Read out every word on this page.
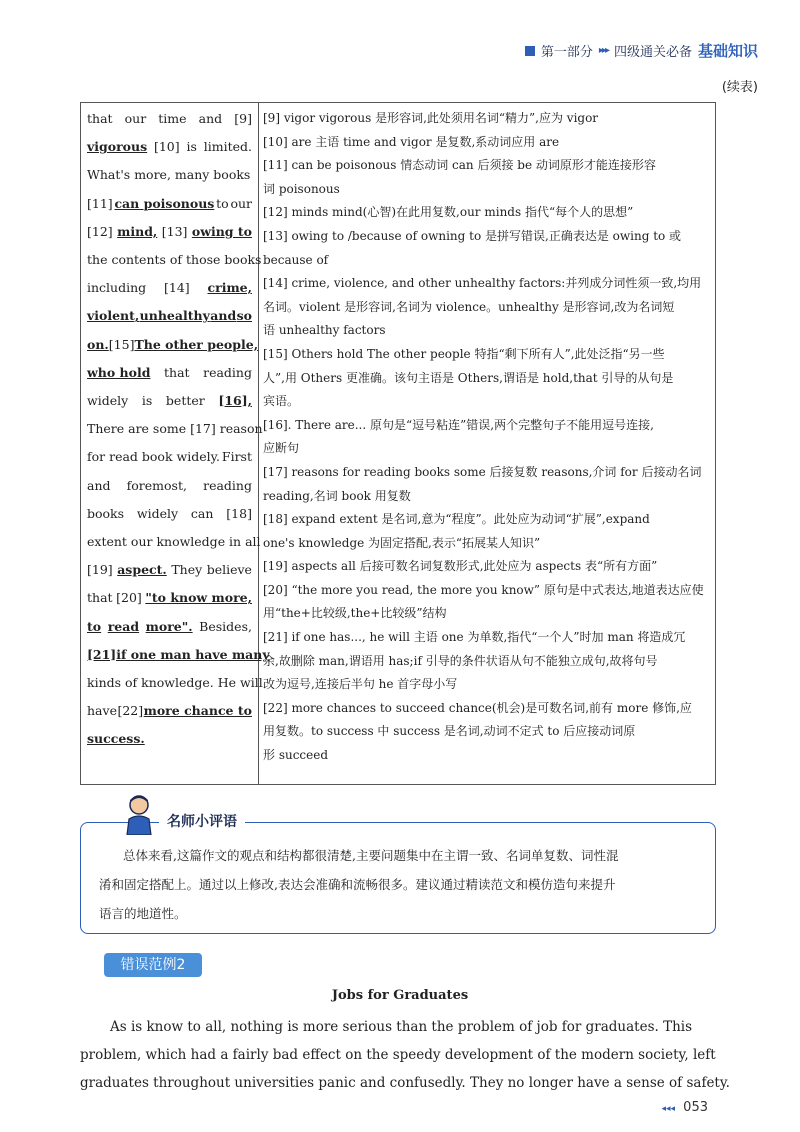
第一部分 ▸▸▸ 四级通关必备 基础知识
(续表)
that our time and [9]
vigorous [10] is limited.
What's more, many books
[11] can poisonous to our
[12] mind, [13] owing to
the contents of those books
including [14] crime,
violent, unhealthy and so
on. [15] The other people,
who hold that reading
widely is better [16],
There are some [17] reason
for read book widely. First
and foremost, reading
books widely can [18]
extent our knowledge in all
[19] aspect. They believe
that [20] "to know more,
to read more". Besides,
[21]if one man have many
kinds of knowledge. He will
have [22] more chance to
success.
[9] vigor vigorous 是形容词,此处须用名词“精力”,应为 vigor
[10] are 主语 time and vigor 是复数,系动词应用 are
[11] can be poisonous 情态动词 can 后须接 be 动词原形才能连接形容
词 poisonous
[12] minds mind(心智)在此用复数,our minds 指代“每个人的思想”
[13] owing to /because of owning to 是拼写错误,正确表达是 owing to 或
because of
[14] crime, violence, and other unhealthy factors:并列成分词性须一致,均用
名词。violent 是形容词,名词为 violence。unhealthy 是形容词,改为名词短
语 unhealthy factors
[15] Others hold The other people 特指“剩下所有人”,此处泛指“另一些
人”,用 Others 更准确。该句主语是 Others,谓语是 hold,that 引导的从句是
宾语。
[16]. There are... 原句是“逗号粘连”错误,两个完整句子不能用逗号连接,
应断句
[17] reasons for reading books some 后接复数 reasons,介词 for 后接动名词
reading,名词 book 用复数
[18] expand extent 是名词,意为“程度”。此处应为动词“扩展”,expand
one's knowledge 为固定搭配,表示“拓展某人知识”
[19] aspects all 后接可数名词复数形式,此处应为 aspects 表“所有方面”
[20] “the more you read, the more you know” 原句是中式表达,地道表达应使
用“the+比较级,the+比较级”结构
[21] if one has..., he will 主语 one 为单数,指代“一个人”时加 man 将造成冗
余,故删除 man,谓语用 has;if 引导的条件状语从句不能独立成句,故将句号
改为逗号,连接后半句 he 首字母小写
[22] more chances to succeed chance(机会)是可数名词,前有 more 修饰,应
用复数。to success 中 success 是名词,动词不定式 to 后应接动词原
形 succeed
名师小评语
总体来看,这篇作文的观点和结构都很清楚,主要问题集中在主谓一致、名词单复数、词性混
淆和固定搭配上。通过以上修改,表达会准确和流畅很多。建议通过精读范文和模仿造句来提升
语言的地道性。
错误范例2
Jobs for Graduates
As is know to all, nothing is more serious than the problem of job for graduates. This
problem, which had a fairly bad effect on the speedy development of the modern society, left
graduates throughout universities panic and confusedly. They no longer have a sense of safety.
◂◂◂ 053
